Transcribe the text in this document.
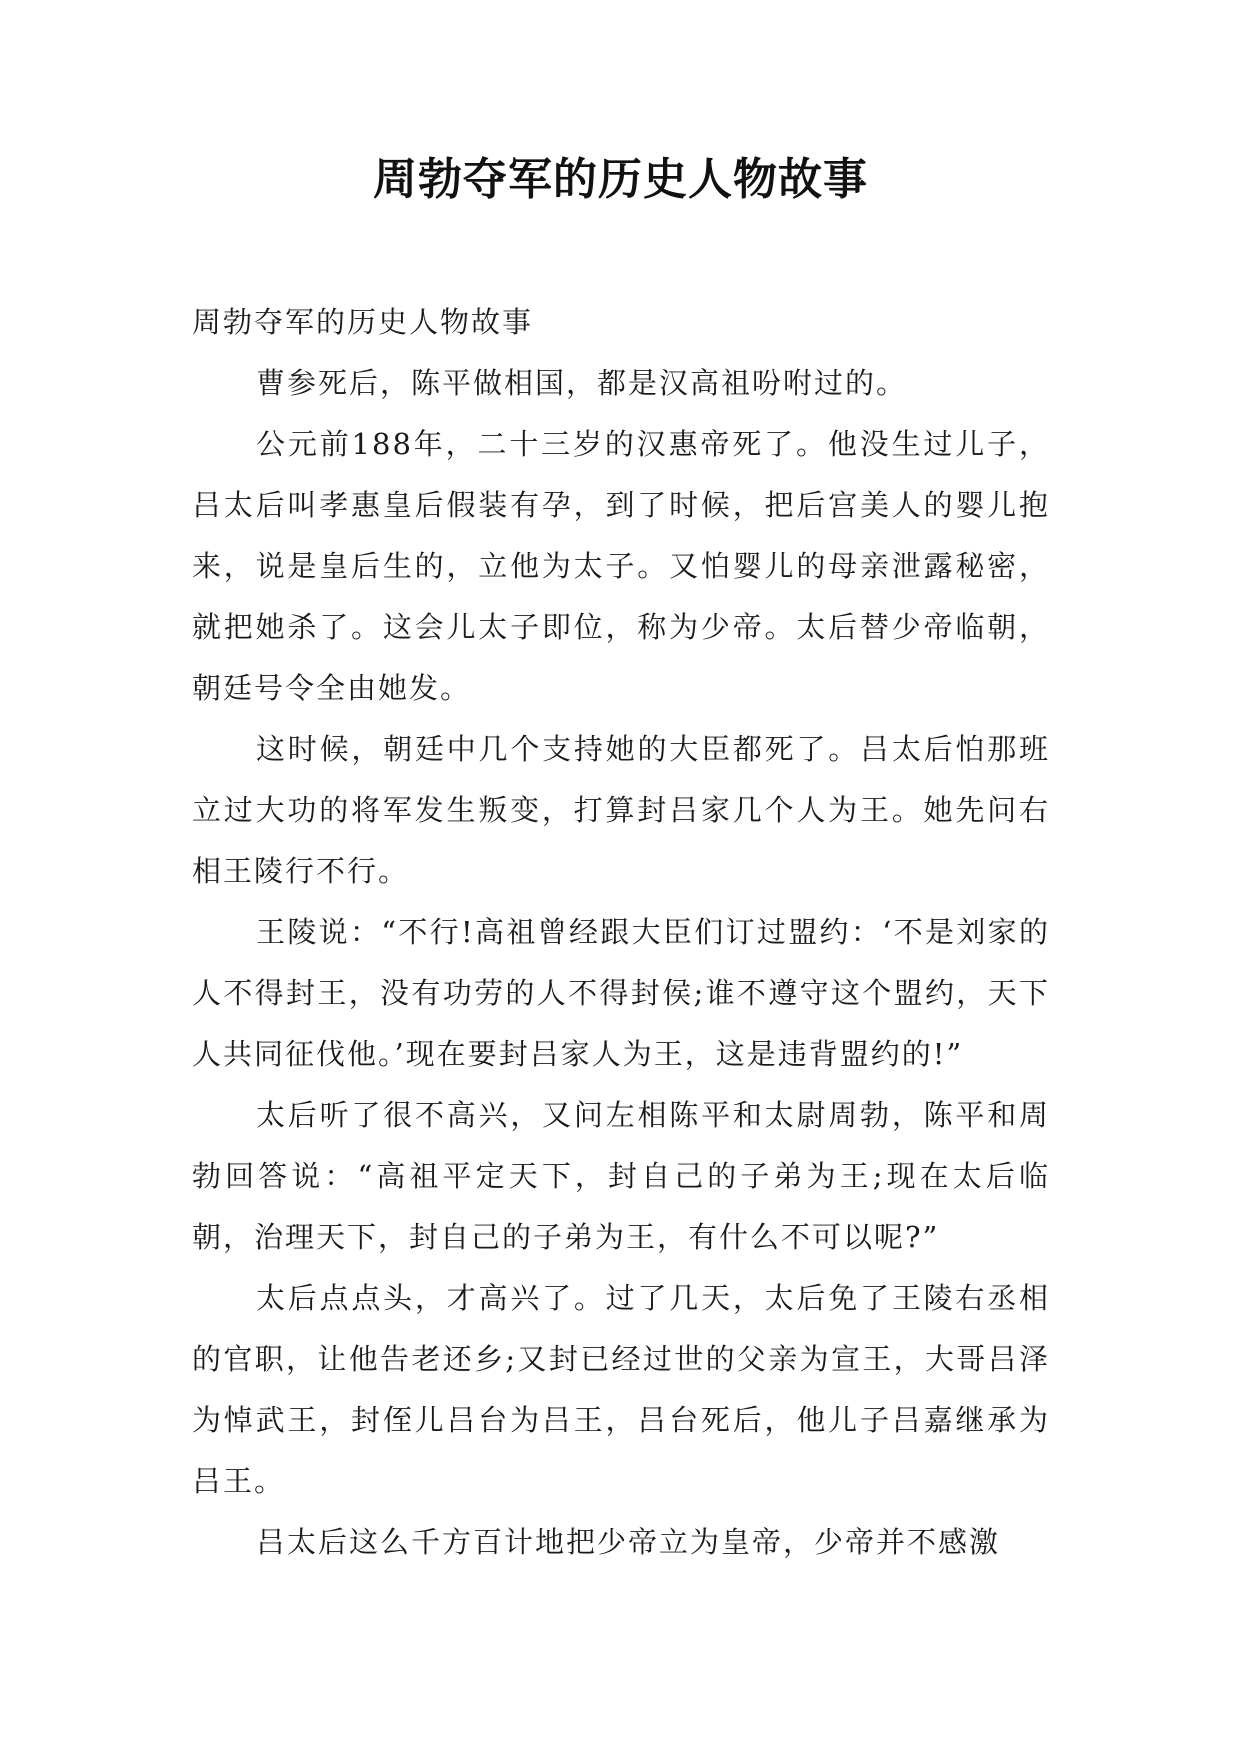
周勃夺军的历史人物故事

周勃夺军的历史人物故事

曹参死后，陈平做相国，都是汉高祖吩咐过的。

公元前188年，二十三岁的汉惠帝死了。他没生过儿子，吕太后叫孝惠皇后假装有孕，到了时候，把后宫美人的婴儿抱来，说是皇后生的，立他为太子。又怕婴儿的母亲泄露秘密，就把她杀了。这会儿太子即位，称为少帝。太后替少帝临朝，朝廷号令全由她发。

这时候，朝廷中几个支持她的大臣都死了。吕太后怕那班立过大功的将军发生叛变，打算封吕家几个人为王。她先问右相王陵行不行。

王陵说：“不行!高祖曾经跟大臣们订过盟约：‘不是刘家的人不得封王，没有功劳的人不得封侯;谁不遵守这个盟约，天下人共同征伐他。’现在要封吕家人为王，这是违背盟约的!”

太后听了很不高兴，又问左相陈平和太尉周勃，陈平和周勃回答说：“高祖平定天下，封自己的子弟为王;现在太后临朝，治理天下，封自己的子弟为王，有什么不可以呢?”

太后点点头，才高兴了。过了几天，太后免了王陵右丞相的官职，让他告老还乡;又封已经过世的父亲为宣王，大哥吕泽为悼武王，封侄儿吕台为吕王，吕台死后，他儿子吕嘉继承为吕王。

吕太后这么千方百计地把少帝立为皇帝，少帝并不感激
